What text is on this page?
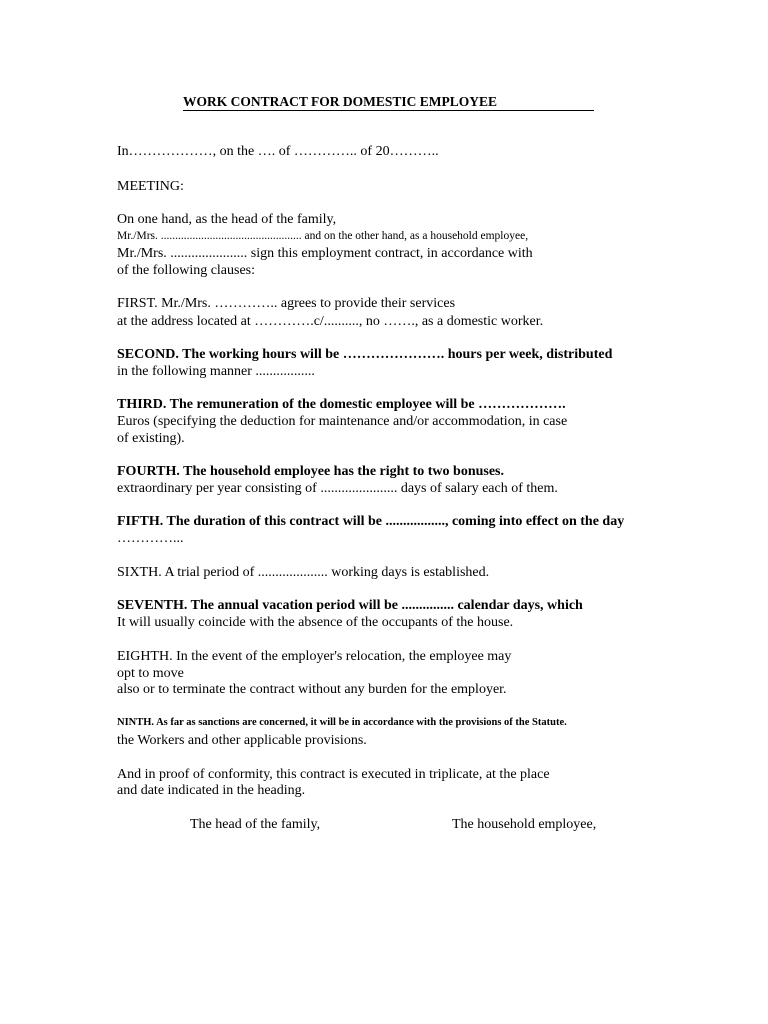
WORK CONTRACT FOR DOMESTIC EMPLOYEE
In………………, on the …. of ………….. of 20………..
MEETING:
On one hand, as the head of the family,
Mr./Mrs. ................................................. and on the other hand, as a household employee,
Mr./Mrs. ...................... sign this employment contract, in accordance with
of the following clauses:
FIRST. Mr./Mrs. ………….. agrees to provide their services
at the address located at ………….c/.........., no ……., as a domestic worker.
SECOND. The working hours will be …………………. hours per week, distributed
in the following manner .................
THIRD. The remuneration of the domestic employee will be ……………….
Euros (specifying the deduction for maintenance and/or accommodation, in case
of existing).
FOURTH. The household employee has the right to two bonuses.
extraordinary per year consisting of ...................... days of salary each of them.
FIFTH. The duration of this contract will be ................., coming into effect on the day
…………...
SIXTH. A trial period of .................... working days is established.
SEVENTH. The annual vacation period will be ............... calendar days, which
It will usually coincide with the absence of the occupants of the house.
EIGHTH. In the event of the employer's relocation, the employee may
opt to move
also or to terminate the contract without any burden for the employer.
NINTH. As far as sanctions are concerned, it will be in accordance with the provisions of the Statute.
the Workers and other applicable provisions.
And in proof of conformity, this contract is executed in triplicate, at the place
and date indicated in the heading.
The head of the family,	The household employee,
